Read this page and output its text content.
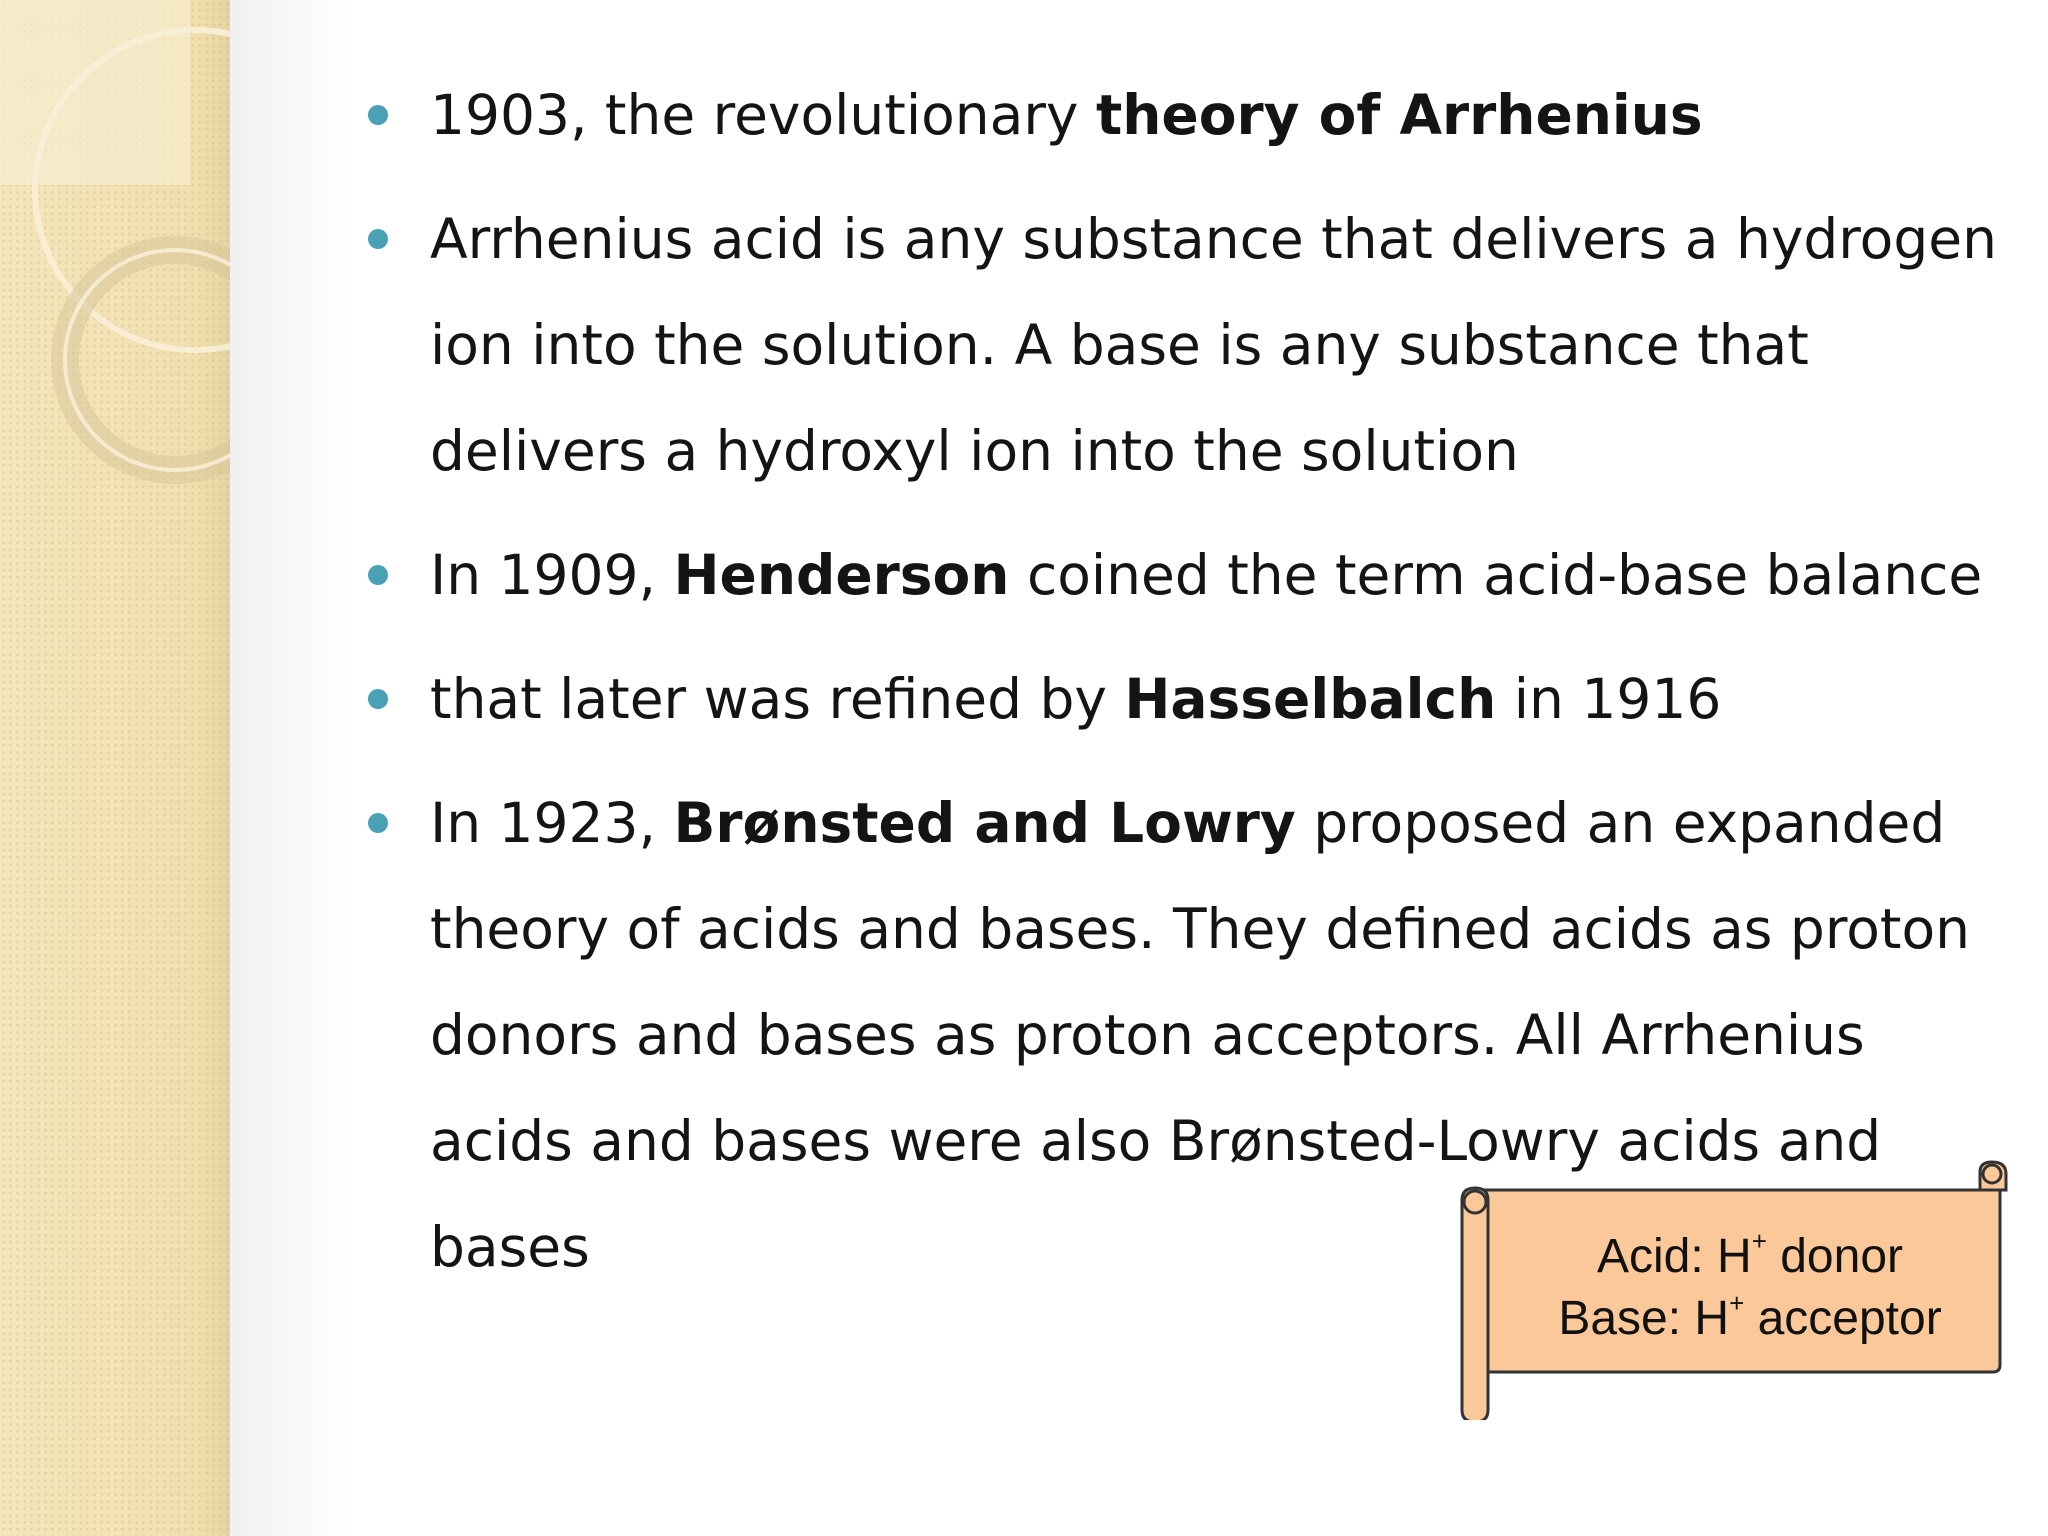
1903, the revolutionary theory of Arrhenius
Arrhenius acid is any substance that delivers a hydrogen ion into the solution. A base is any substance that delivers a hydroxyl ion into the solution
In 1909, Henderson coined the term acid-base balance
that later was refined by Hasselbalch in 1916
In 1923, Brønsted and Lowry proposed an expanded theory of acids and bases. They defined acids as proton donors and bases as proton acceptors. All Arrhenius acids and bases were also Brønsted-Lowry acids and bases	Acid: H+ donor
Base: H+ acceptor
